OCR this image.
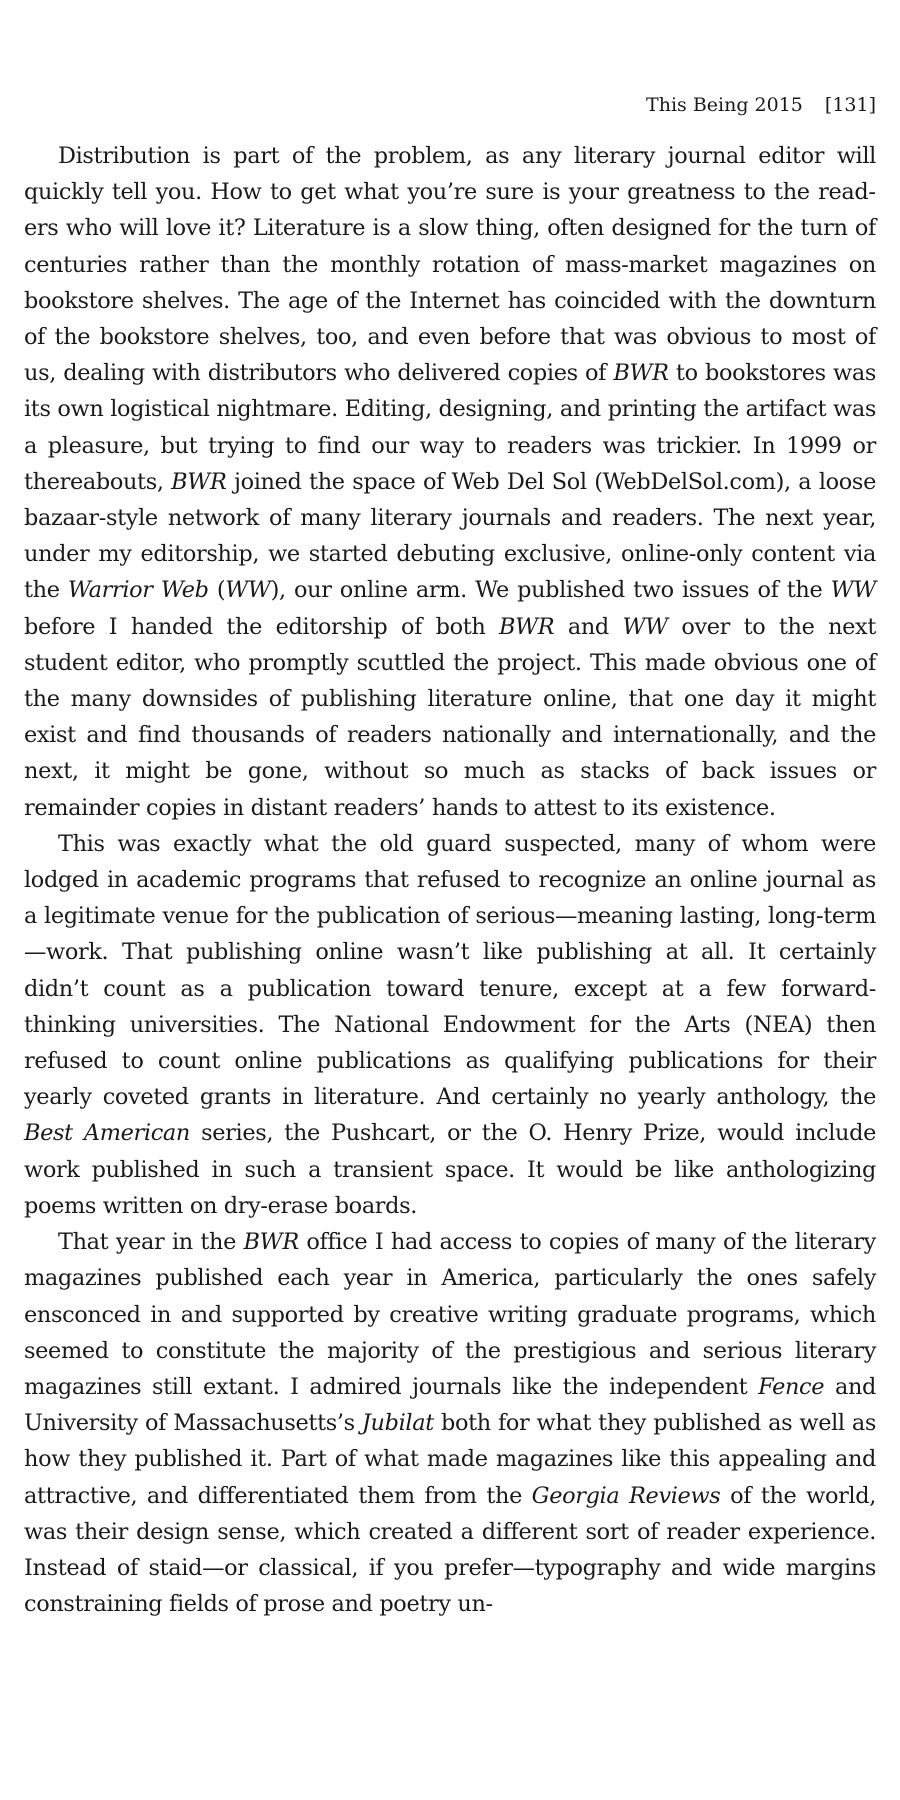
This Being 2015 [131]

Distribution is part of the problem, as any literary journal editor will quickly tell you. How to get what you’re sure is your greatness to the readers who will love it? Literature is a slow thing, often designed for the turn of centuries rather than the monthly rotation of mass-market magazines on bookstore shelves. The age of the Internet has coincided with the downturn of the bookstore shelves, too, and even before that was obvious to most of us, dealing with distributors who delivered copies of BWR to bookstores was its own logistical nightmare. Editing, designing, and printing the artifact was a pleasure, but trying to find our way to readers was trickier. In 1999 or thereabouts, BWR joined the space of Web Del Sol (WebDelSol.com), a loose bazaar-style network of many literary journals and readers. The next year, under my editorship, we started debuting exclusive, online-only content via the Warrior Web (WW), our online arm. We published two issues of the WW before I handed the editorship of both BWR and WW over to the next student editor, who promptly scuttled the project. This made obvious one of the many downsides of publishing literature online, that one day it might exist and find thousands of readers nationally and internationally, and the next, it might be gone, without so much as stacks of back issues or remainder copies in distant readers’ hands to attest to its existence.

This was exactly what the old guard suspected, many of whom were lodged in academic programs that refused to recognize an online journal as a legitimate venue for the publication of serious—meaning lasting, long-term—work. That publishing online wasn’t like publishing at all. It certainly didn’t count as a publication toward tenure, except at a few forward-thinking universities. The National Endowment for the Arts (NEA) then refused to count online publications as qualifying publications for their yearly coveted grants in literature. And certainly no yearly anthology, the Best American series, the Pushcart, or the O. Henry Prize, would include work published in such a transient space. It would be like anthologizing poems written on dry-erase boards.

That year in the BWR office I had access to copies of many of the literary magazines published each year in America, particularly the ones safely ensconced in and supported by creative writing graduate programs, which seemed to constitute the majority of the prestigious and serious literary magazines still extant. I admired journals like the independent Fence and University of Massachusetts’s Jubilat both for what they published as well as how they published it. Part of what made magazines like this appealing and attractive, and differentiated them from the Georgia Reviews of the world, was their design sense, which created a different sort of reader experience. Instead of staid—or classical, if you prefer—typography and wide margins constraining fields of prose and poetry un-
